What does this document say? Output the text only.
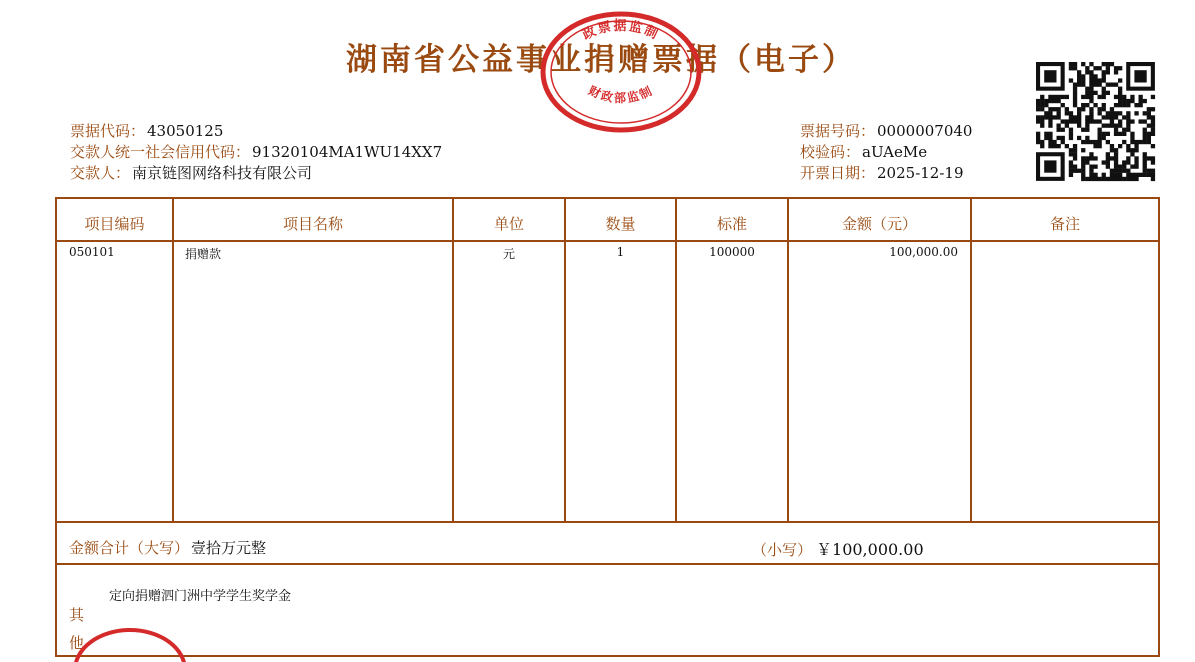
湖南省公益事业捐赠票据（电子）
政票据监制
财政部监制
票据代码： 43050125
交款人统一社会信用代码： 91320104MA1WU14XX7
交款人： 南京链图网络科技有限公司
票据号码： 0000007040
校验码： aUAeMe
开票日期： 2025-12-19
项目编码	项目名称	单位	数量	标准	金额（元）	备注
050101	捐赠款	元	1	100000	100,000.00
金额合计（大写） 壹拾万元整	（小写） ￥100,000.00
定向捐赠泗门洲中学学生奖学金
其他
